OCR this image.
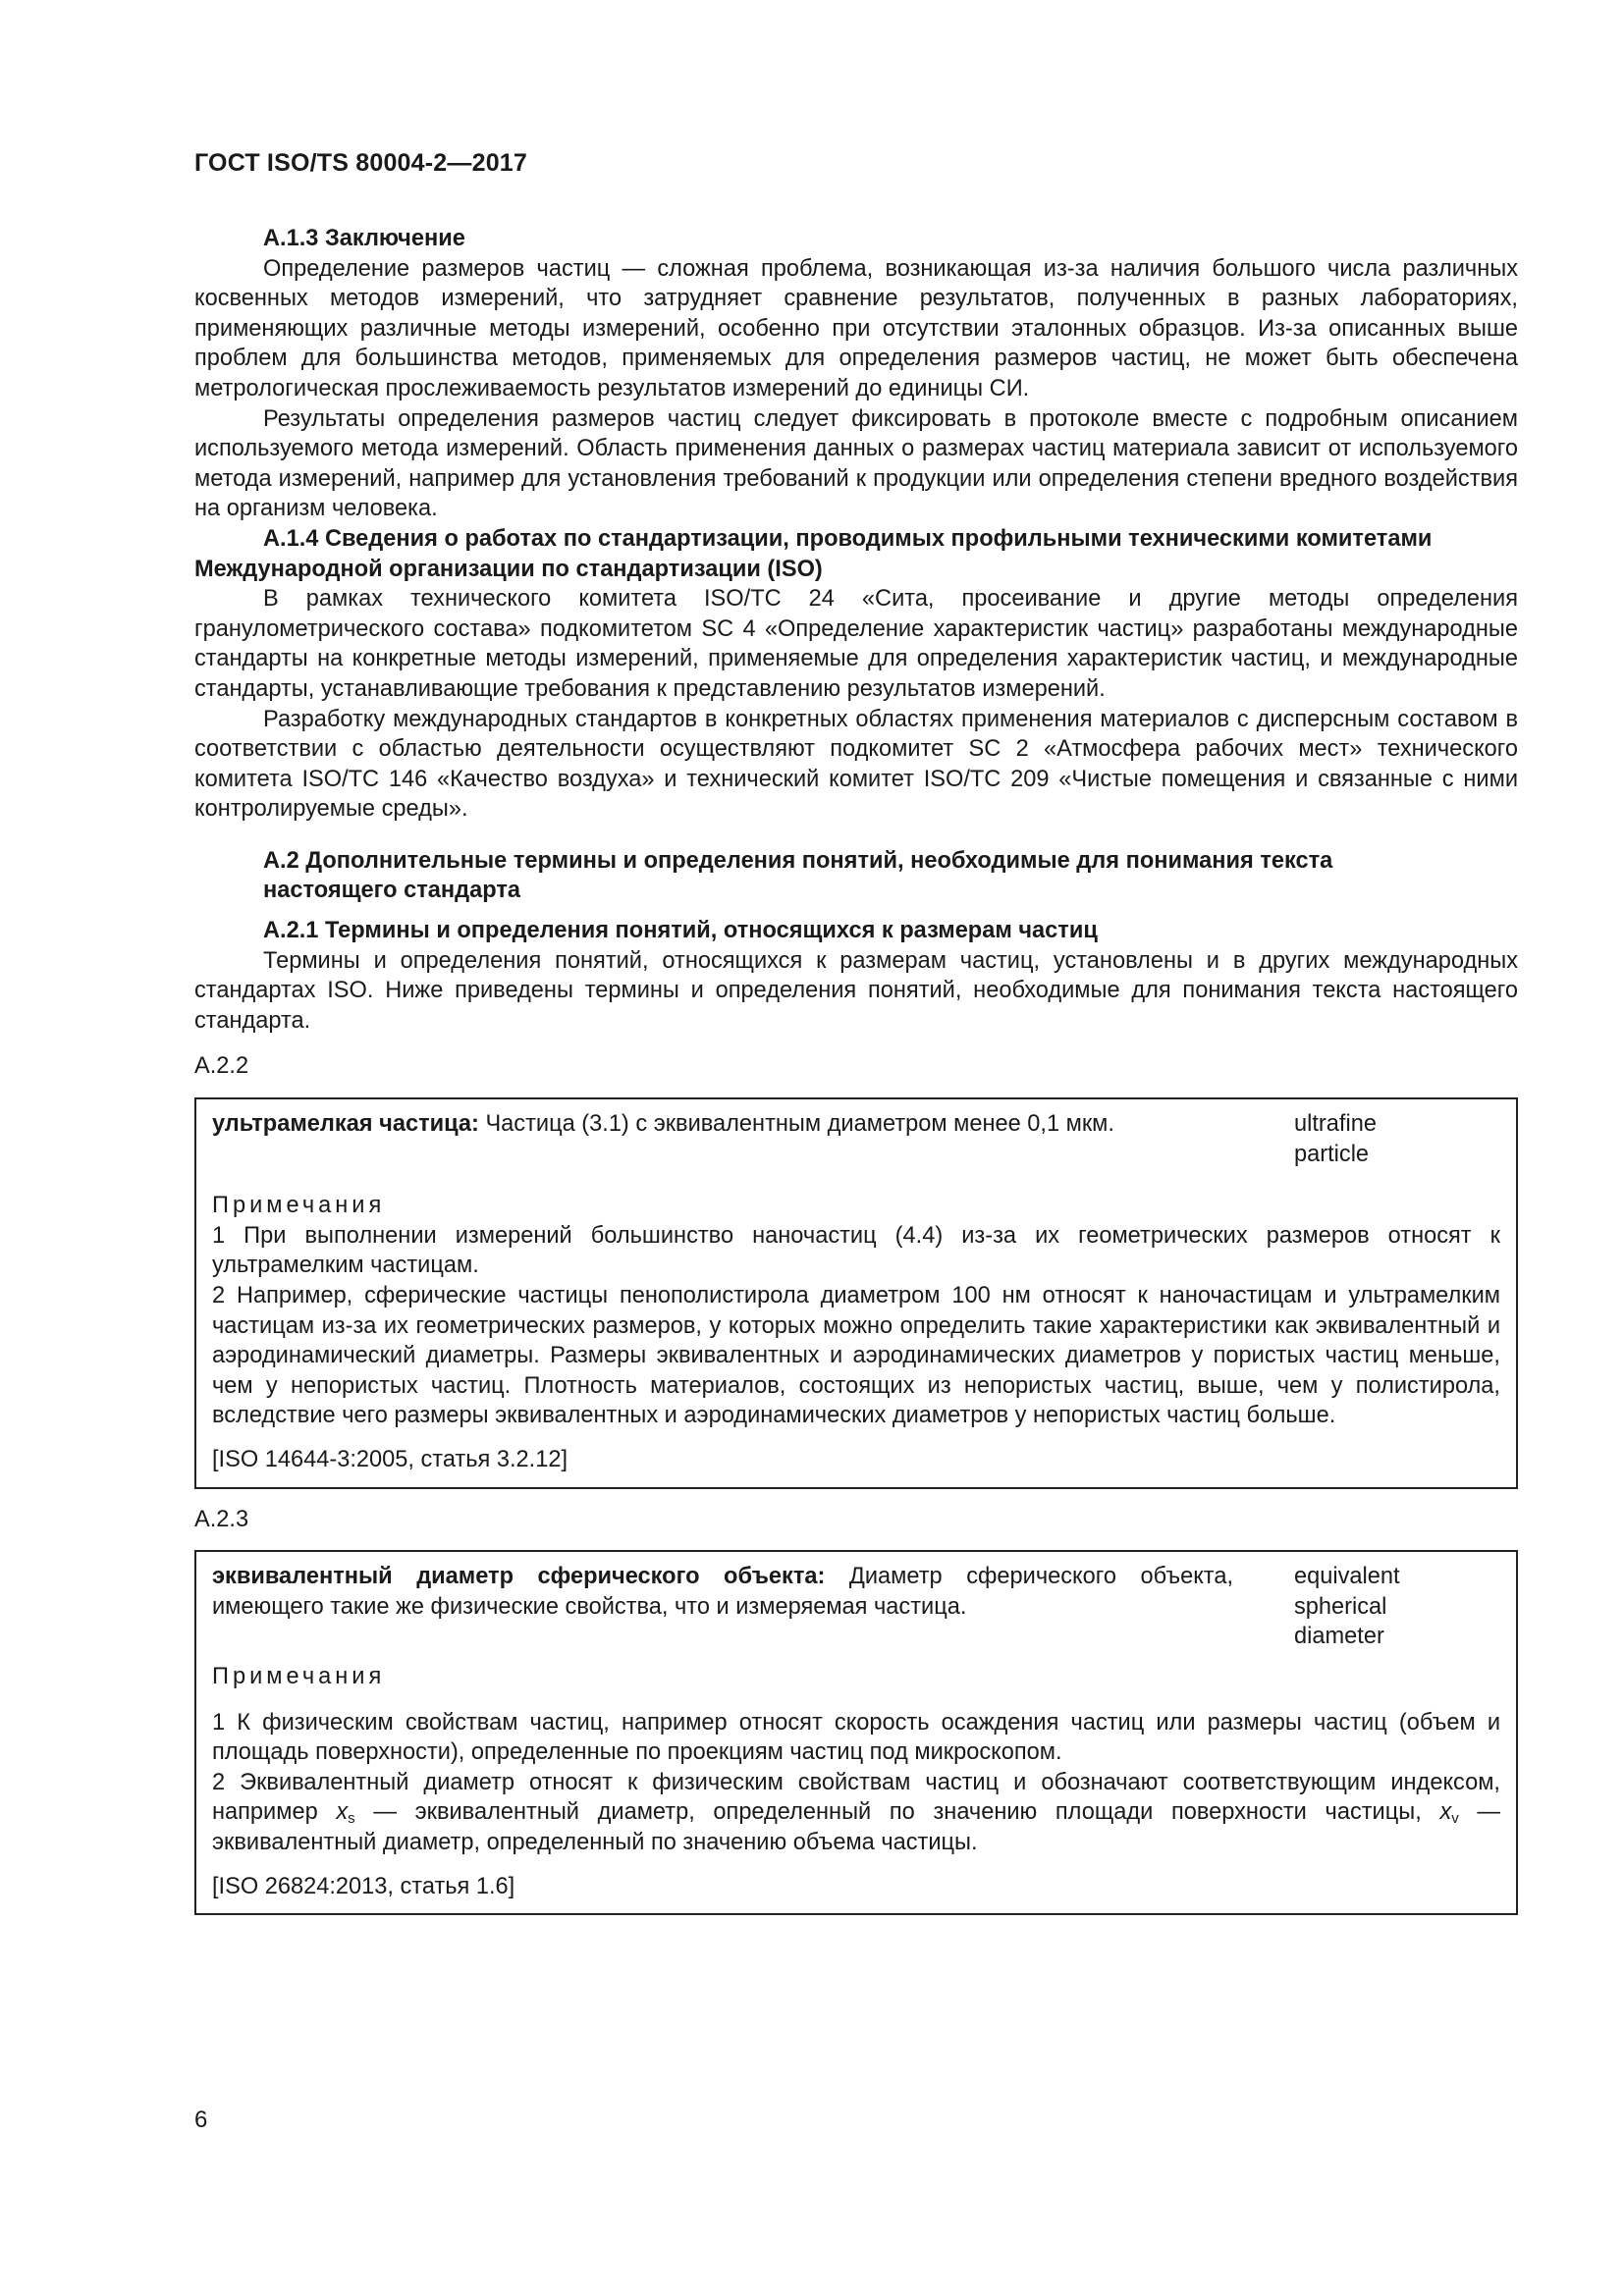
ГОСТ ISO/TS 80004-2—2017

А.1.3 Заключение

Определение размеров частиц — сложная проблема, возникающая из-за наличия большого числа различных косвенных методов измерений, что затрудняет сравнение результатов, полученных в разных лабораториях, применяющих различные методы измерений, особенно при отсутствии эталонных образцов. Из-за описанных выше проблем для большинства методов, применяемых для определения размеров частиц, не может быть обеспечена метрологическая прослеживаемость результатов измерений до единицы СИ.

Результаты определения размеров частиц следует фиксировать в протоколе вместе с подробным описанием используемого метода измерений. Область применения данных о размерах частиц материала зависит от используемого метода измерений, например для установления требований к продукции или определения степени вредного воздействия на организм человека.

А.1.4 Сведения о работах по стандартизации, проводимых профильными техническими комитетами
Международной организации по стандартизации (ISO)

В рамках технического комитета ISO/TC 24 «Сита, просеивание и другие методы определения гранулометрического состава» подкомитетом SC 4 «Определение характеристик частиц» разработаны международные стандарты на конкретные методы измерений, применяемые для определения характеристик частиц, и международные стандарты, устанавливающие требования к представлению результатов измерений.

Разработку международных стандартов в конкретных областях применения материалов с дисперсным составом в соответствии с областью деятельности осуществляют подкомитет SC 2 «Атмосфера рабочих мест» технического комитета ISO/TC 146 «Качество воздуха» и технический комитет ISO/TC 209 «Чистые помещения и связанные с ними контролируемые среды».

А.2 Дополнительные термины и определения понятий, необходимые для понимания текста
настоящего стандарта

А.2.1 Термины и определения понятий, относящихся к размерам частиц

Термины и определения понятий, относящихся к размерам частиц, установлены и в других международных стандартах ISO. Ниже приведены термины и определения понятий, необходимые для понимания текста настоящего стандарта.

А.2.2

ультрамелкая частица: Частица (3.1) с эквивалентным диаметром менее 0,1 мкм.	ultrafine
particle

Примечания

1 При выполнении измерений большинство наночастиц (4.4) из-за их геометрических размеров относят к ультрамелким частицам.

2 Например, сферические частицы пенополистирола диаметром 100 нм относят к наночастицам и ультрамелким частицам из-за их геометрических размеров, у которых можно определить такие характеристики как эквивалентный и аэродинамический диаметры. Размеры эквивалентных и аэродинамических диаметров у пористых частиц меньше, чем у непористых частиц. Плотность материалов, состоящих из непористых частиц, выше, чем у полистирола, вследствие чего размеры эквивалентных и аэродинамических диаметров у непористых частиц больше.

[ISO 14644-3:2005, статья 3.2.12]

А.2.3

эквивалентный диаметр сферического объекта: Диаметр сферического объекта, имеющего такие же физические свойства, что и измеряемая частица.

equivalent
spherical
diameter

Примечания

1 К физическим свойствам частиц, например относят скорость осаждения частиц или размеры частиц (объем и площадь поверхности), определенные по проекциям частиц под микроскопом.

2 Эквивалентный диаметр относят к физическим свойствам частиц и обозначают соответствующим индексом, например $x_s$ — эквивалентный диаметр, определенный по значению площади поверхности частицы, $x_v$ — эквивалентный диаметр, определенный по значению объема частицы.

[ISO 26824:2013, статья 1.6]

6
